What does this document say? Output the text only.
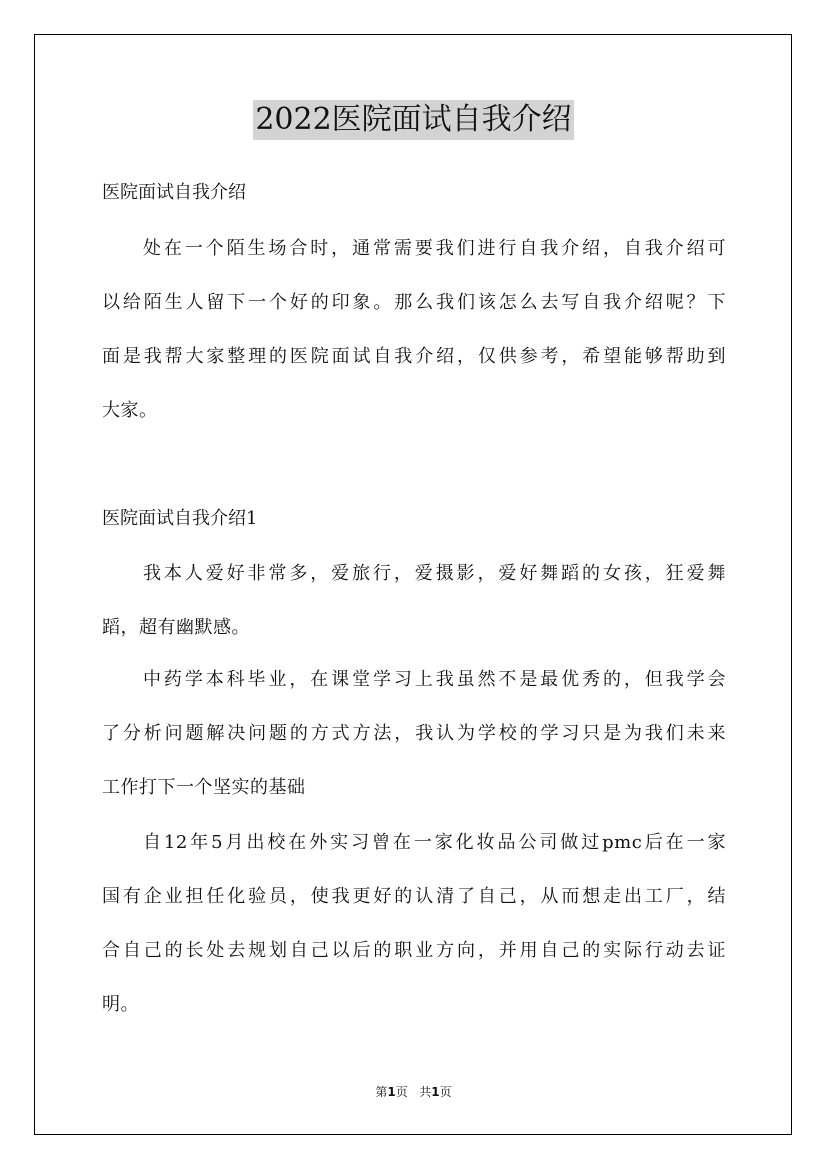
2022医院面试自我介绍
医院面试自我介绍
处在一个陌生场合时，通常需要我们进行自我介绍，自我介绍可
以给陌生人留下一个好的印象。那么我们该怎么去写自我介绍呢？下
面是我帮大家整理的医院面试自我介绍，仅供参考，希望能够帮助到
大家。
医院面试自我介绍1
我本人爱好非常多，爱旅行，爱摄影，爱好舞蹈的女孩，狂爱舞
蹈，超有幽默感。
中药学本科毕业，在课堂学习上我虽然不是最优秀的，但我学会
了分析问题解决问题的方式方法，我认为学校的学习只是为我们未来
工作打下一个坚实的基础
自12年5月出校在外实习曾在一家化妆品公司做过pmc后在一家
国有企业担任化验员，使我更好的认清了自己，从而想走出工厂，结
合自己的长处去规划自己以后的职业方向，并用自己的实际行动去证
明。
第1页 共1页
